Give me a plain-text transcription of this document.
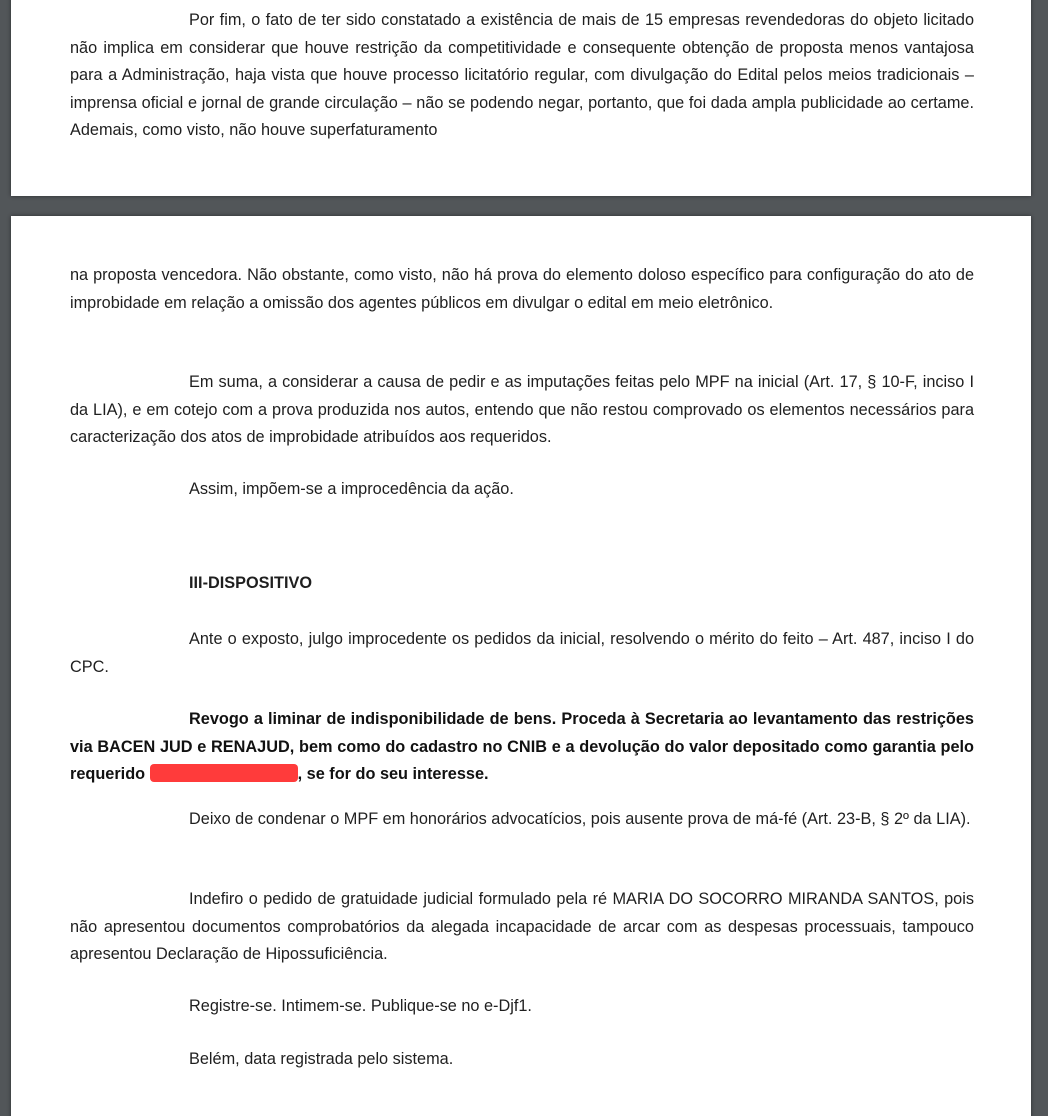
Por fim, o fato de ter sido constatado a existência de mais de 15 empresas revendedoras do objeto licitado não implica em considerar que houve restrição da competitividade e consequente obtenção de proposta menos vantajosa para a Administração, haja vista que houve processo licitatório regular, com divulgação do Edital pelos meios tradicionais – imprensa oficial e jornal de grande circulação – não se podendo negar, portanto, que foi dada ampla publicidade ao certame. Ademais, como visto, não houve superfaturamento

na proposta vencedora. Não obstante, como visto, não há prova do elemento doloso específico para configuração do ato de improbidade em relação a omissão dos agentes públicos em divulgar o edital em meio eletrônico.

Em suma, a considerar a causa de pedir e as imputações feitas pelo MPF na inicial (Art. 17, § 10-F, inciso I da LIA), e em cotejo com a prova produzida nos autos, entendo que não restou comprovado os elementos necessários para caracterização dos atos de improbidade atribuídos aos requeridos.

Assim, impõem-se a improcedência da ação.

III-DISPOSITIVO

Ante o exposto, julgo improcedente os pedidos da inicial, resolvendo o mérito do feito – Art. 487, inciso I do CPC.

Revogo a liminar de indisponibilidade de bens. Proceda à Secretaria ao levantamento das restrições via BACEN JUD e RENAJUD, bem como do cadastro no CNIB e a devolução do valor depositado como garantia pelo requerido	, se for do seu interesse.

Deixo de condenar o MPF em honorários advocatícios, pois ausente prova de má-fé (Art. 23-B, § 2º da LIA).

Indefiro o pedido de gratuidade judicial formulado pela ré MARIA DO SOCORRO MIRANDA SANTOS, pois não apresentou documentos comprobatórios da alegada incapacidade de arcar com as despesas processuais, tampouco apresentou Declaração de Hipossuficiência.

Registre-se. Intimem-se. Publique-se no e-Djf1.

Belém, data registrada pelo sistema.
